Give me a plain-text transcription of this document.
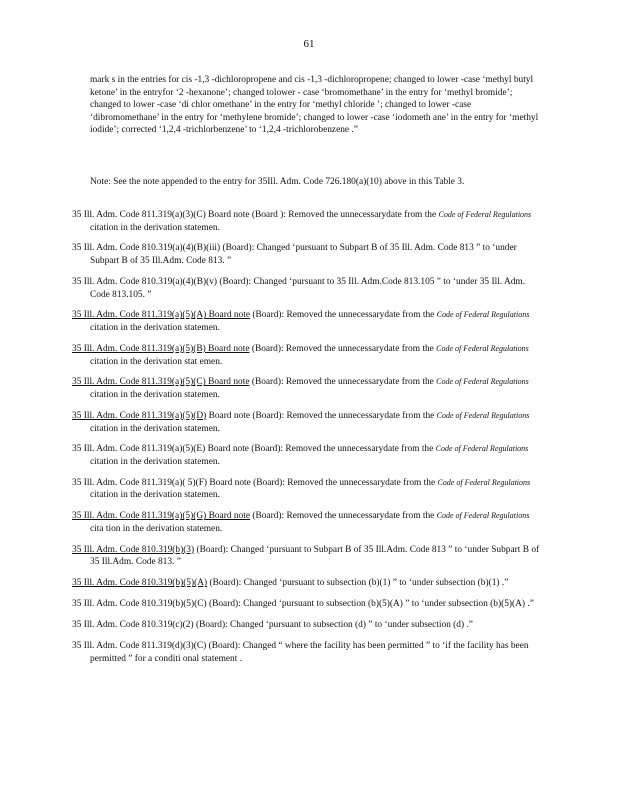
61
mark s in the entries for cis -1,3 -dichloropropene and cis -1,3 -dichloropropene; changed to lower -case ‘methyl butyl ketone’ in the entryfor ‘2 -hexanone’; changed tolower - case ‘bromomethane’ in the entry for ‘methyl bromide’; changed to lower -case ‘di chlor omethane’ in the entry for ‘methyl chloride ’; changed to lower -case ‘dibromomethane’ in the entry for ‘methylene bromide’; changed to lower -case ‘iodometh ane’ in the entry for ‘methyl iodide’; corrected ‘1,2,4 -trichlorbenzene’ to ‘1,2,4 -trichlorobenzene .”
Note: See the note appended to the entry for 35Ill. Adm. Code 726.180(a)(10) above in this Table 3.
35 Ill. Adm. Code 811.319(a)(3)(C) Board note (Board ): Removed the unnecessarydate from the Code of Federal Regulations citation in the derivation statemen.
35 Ill. Adm. Code 810.319(a)(4)(B)(iii) (Board): Changed ‘pursuant to Subpart B of 35 Ill. Adm. Code 813 ” to ‘under Subpart B of 35 Ill.Adm. Code 813. ”
35 Ill. Adm. Code 810.319(a)(4)(B)(v) (Board): Changed ‘pursuant to 35 Ill. Adm.Code 813.105 ” to ‘under 35 Ill. Adm. Code 813.105. ”
35 Ill. Adm. Code 811.319(a)(5)(A) Board note (Board): Removed the unnecessarydate from the Code of Federal Regulations citation in the derivation statemen.
35 Ill. Adm. Code 811.319(a)(5)(B) Board note (Board): Removed the unnecessarydate from the Code of Federal Regulations citation in the derivation stat emen.
35 Ill. Adm. Code 811.319(a)(5)(C) Board note (Board): Removed the unnecessarydate from the Code of Federal Regulations citation in the derivation statemen.
35 Ill. Adm. Code 811.319(a)(5)(D) Board note (Board): Removed the unnecessarydate from the Code of Federal Regulations citation in the derivation statemen.
35 Ill. Adm. Code 811.319(a)(5)(E) Board note (Board): Removed the unnecessarydate from the Code of Federal Regulations citation in the derivation statemen.
35 Ill. Adm. Code 811.319(a)( 5)(F) Board note (Board): Removed the unnecessarydate from the Code of Federal Regulations citation in the derivation statemen.
35 Ill. Adm. Code 811.319(a)(5)(G) Board note (Board): Removed the unnecessarydate from the Code of Federal Regulations cita tion in the derivation statemen.
35 Ill. Adm. Code 810.319(b)(3) (Board): Changed ‘pursuant to Subpart B of 35 Ill.Adm. Code 813 ” to ‘under Subpart B of 35 Ill.Adm. Code 813. ”
35 Ill. Adm. Code 810.319(b)(5)(A) (Board): Changed ‘pursuant to subsection (b)(1) ” to ‘under subsection (b)(1) .”
35 Ill. Adm. Code 810.319(b)(5)(C) (Board): Changed ‘pursuant to subsection (b)(5)(A) ” to ‘under subsection (b)(5)(A) .”
35 Ill. Adm. Code 810.319(c)(2) (Board): Changed ‘pursuant to subsection (d) ” to ‘under subsection (d) .”
35 Ill. Adm. Code 811.319(d)(3)(C) (Board): Changed “ where the facility has been permitted ” to ‘if the facility has been permitted ” for a conditi onal statement .
